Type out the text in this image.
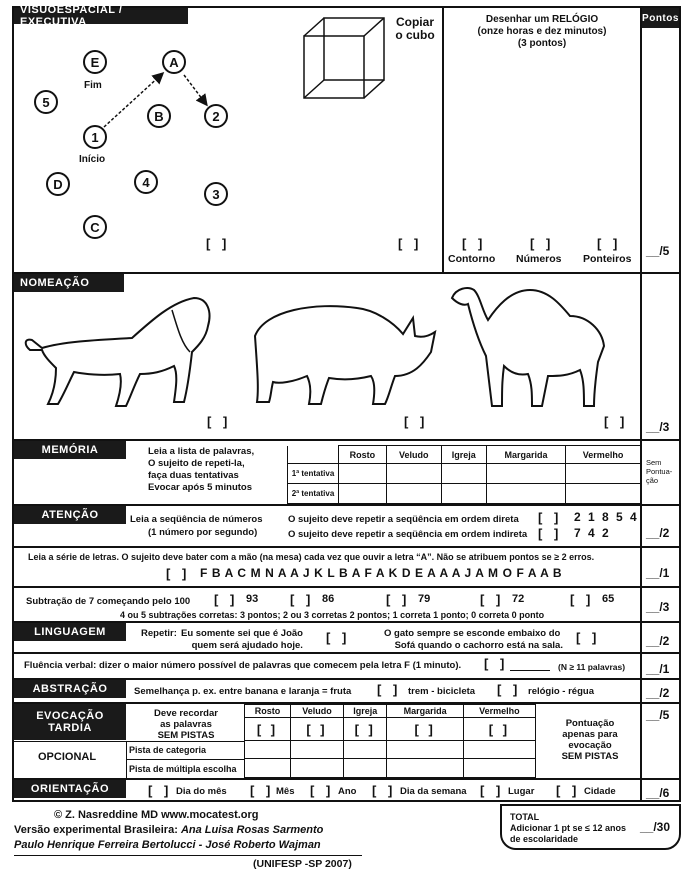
Pontos
VISUOESPACIAL / EXECUTIVA
E
Fim
5
A
B
1
2
Início
D	4
3
C
[ ]
Copiar
o cubo
[ ]
Desenhar um RELÓGIO
(onze horas e dez minutos)
(3 pontos)
[ ]	[ ]	[ ]
Contorno Números Ponteiros
__/5
NOMEAÇÃO
[ ]	[ ]	[ ] __/3
MEMÓRIA	Leia a lista de palavras,
O sujeito de repeti-la,
faça duas tentativas
Evocar após 5 minutos
	Rosto	Veludo	Igreja	Margarida	Vermelho
1ª tentativa					
2ª tentativa					
Sem
Pontua-
ção
ATENÇÃO	Leia a seqüência de números
(1 número por segundo)
O sujeito deve repetir a seqüência em ordem direta [ ] 2 1 8 5 4
O sujeito deve repetir a seqüência em ordem indireta [ ] 7 4 2	__/2
Leia a série de letras. O sujeito deve bater com a mão (na mesa) cada vez que ouvir a letra “A”. Não se atribuem pontos se ≥ 2 erros.
[ ] F B A C M N A A J K L B A F A K D E A A A J A M O F A A B	__/1
Subtração de 7 começando pelo 100 [ ] 93 [ ] 86	[ ] 79	[ ] 72	[ ] 65
4 ou 5 subtrações corretas: 3 pontos; 2 ou 3 corretas 2 pontos; 1 correta 1 ponto; 0 correta 0 ponto
__/3
LINGUAGEM	Repetir: Eu somente sei que é João
quem será ajudado hoje.
[ ]	O gato sempre se esconde embaixo do
Sofá quando o cachorro está na sala.
[ ]	__/2
Fluência verbal: dizer o maior número possível de palavras que comecem pela letra F (1 minuto). [ ]	(N ≥ 11 palavras) __/1
ABSTRAÇÃO	Semelhança p. ex. entre banana e laranja = fruta [ ] trem - bicicleta [ ] relógio - régua	__/2
EVOCAÇÃO
TARDIA
Deve recordar
as palavras
SEM PISTAS
Rosto	Veludo	Igreja	Margarida	Vermelho
[ ]	[ ]	[ ]	[ ]	[ ]

OPCIONAL
Pista de categoria
Pista de múltipla escolha
Pontuação
apenas para
evocação
SEM PISTAS
__/5
ORIENTAÇÃO	[ ] Dia do mês [ ] Mês [ ] Ano [ ] Dia da semana [ ] Lugar [ ] Cidade	__/6
© Z. Nasreddine MD www.mocatest.org
Versão experimental Brasileira: Ana Luisa Rosas Sarmento
Paulo Henrique Ferreira Bertolucci - José Roberto Wajman
(UNIFESP -SP 2007)
TOTAL
Adicionar 1 pt se ≤ 12 anos
de escolaridade
__/30
